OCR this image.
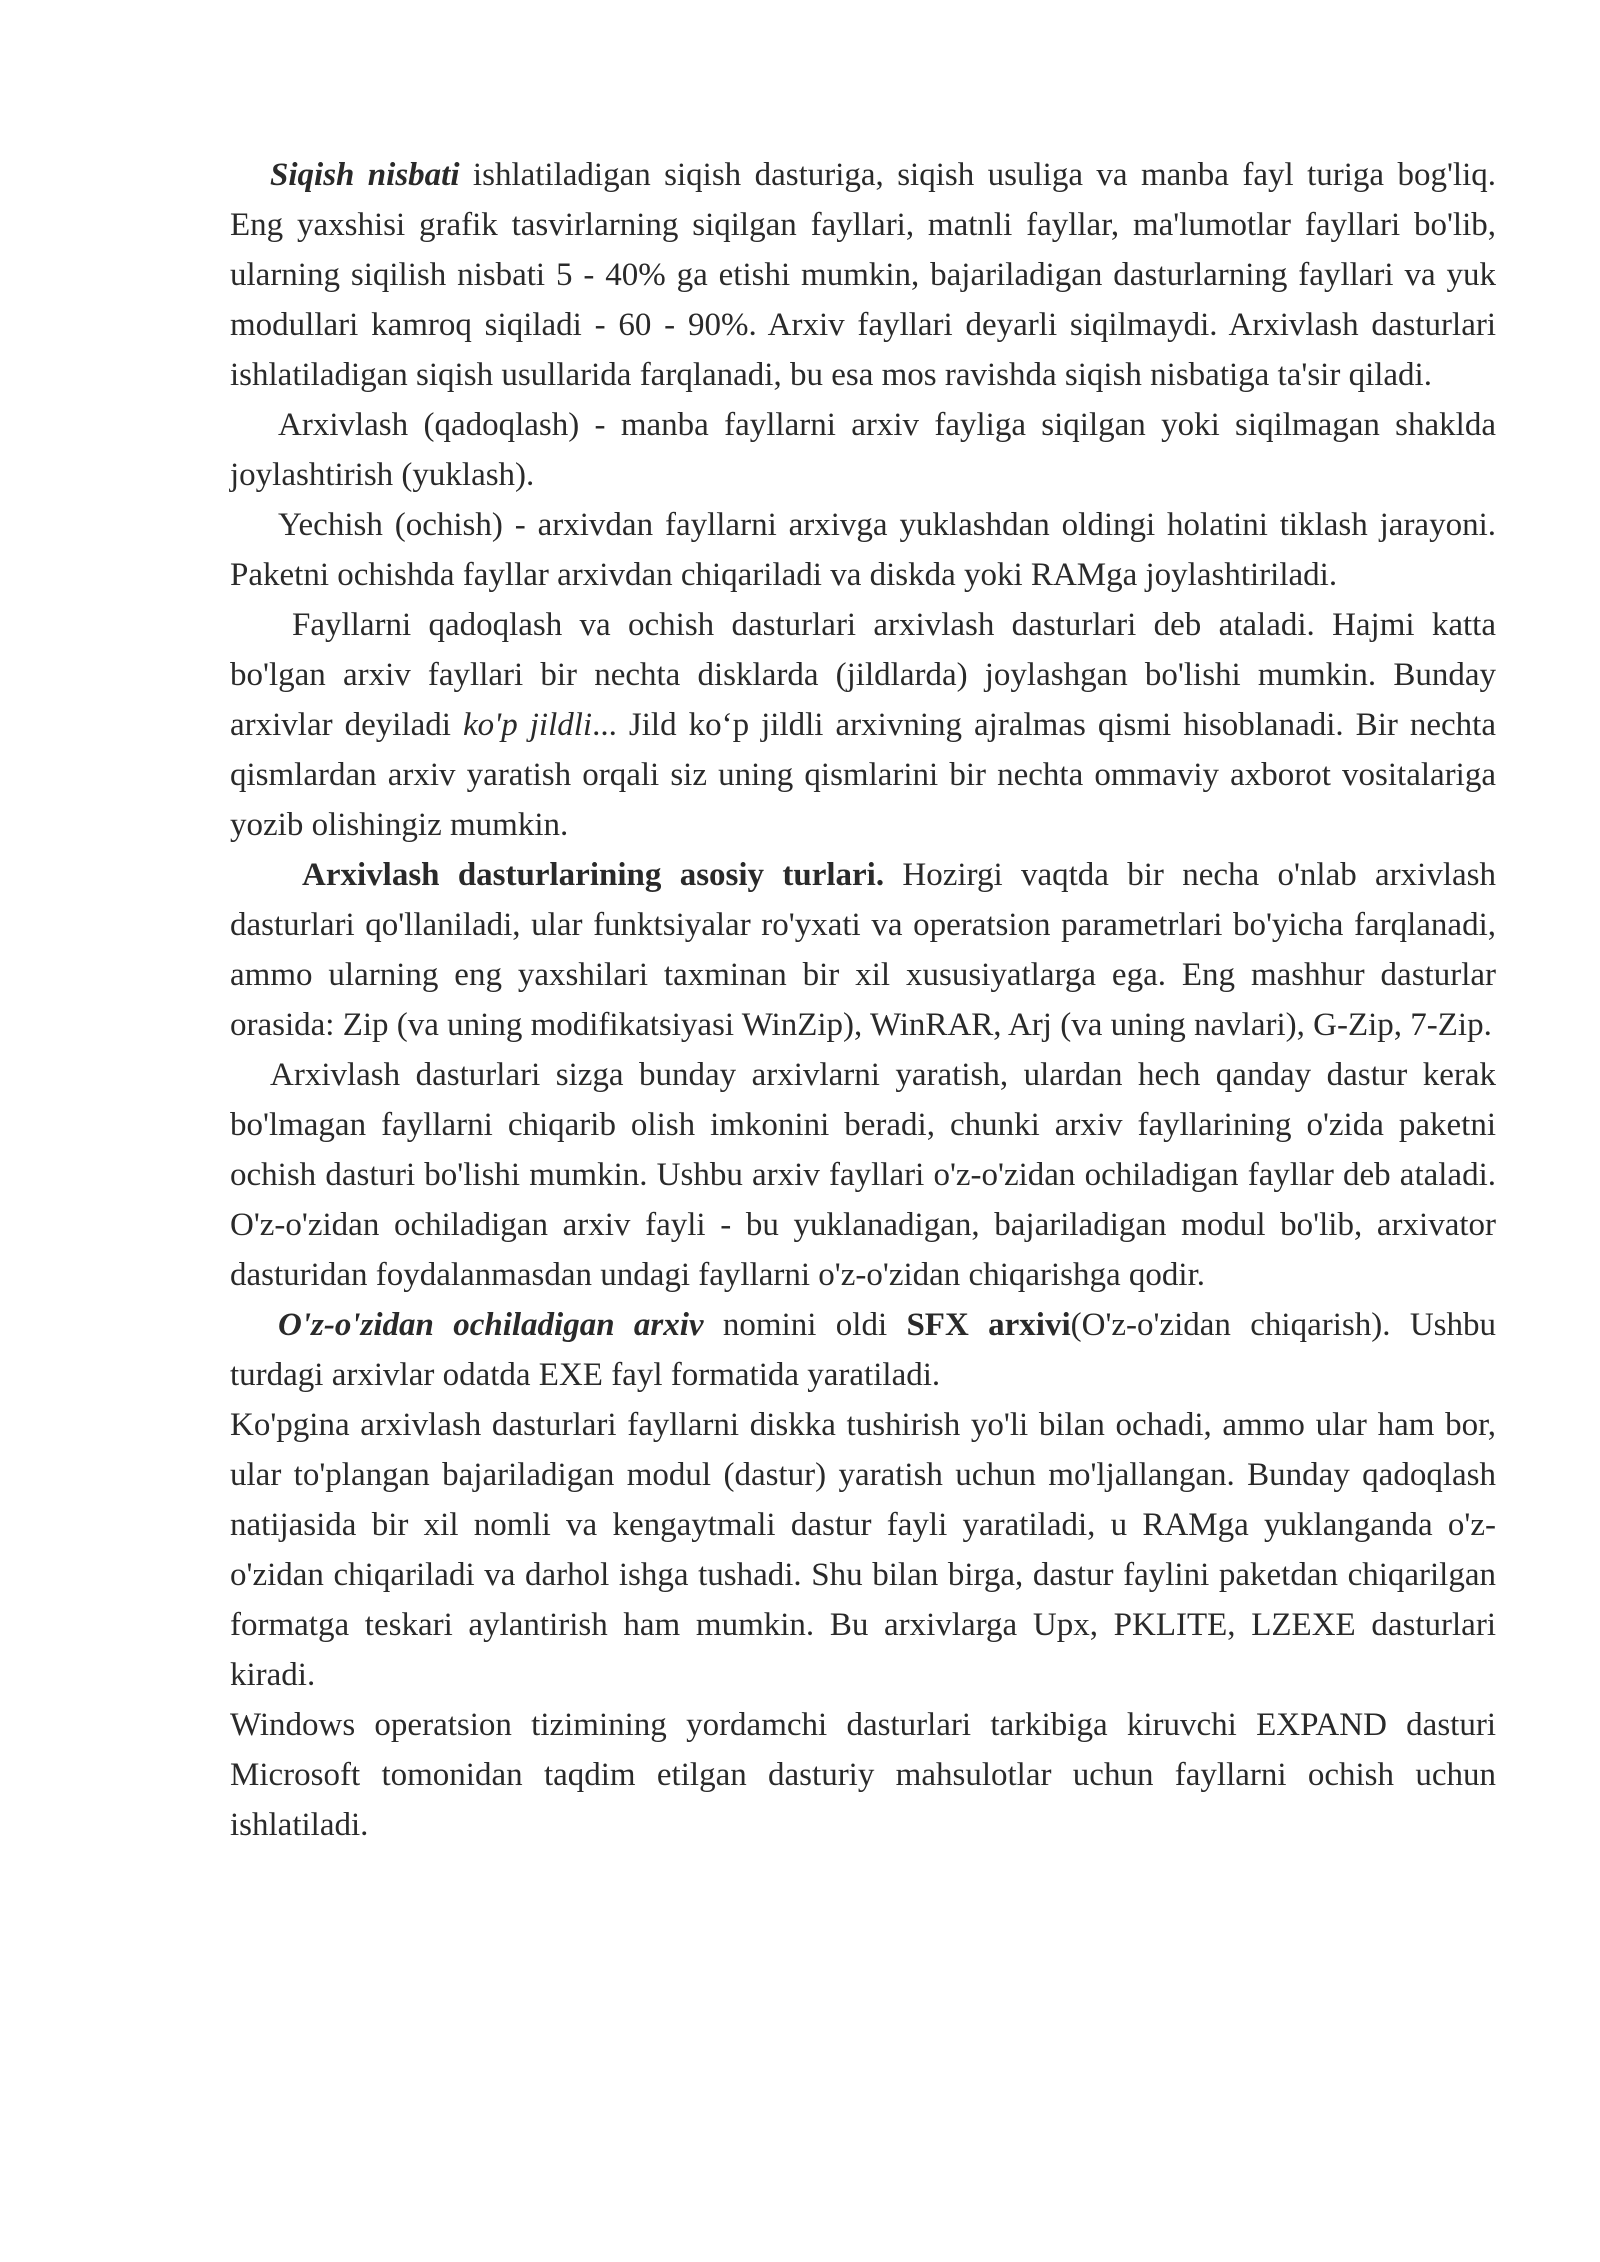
Siqish nisbati ishlatiladigan siqish dasturiga, siqish usuliga va manba fayl turiga bog'liq. Eng yaxshisi grafik tasvirlarning siqilgan fayllari, matnli fayllar, ma'lumotlar fayllari bo'lib, ularning siqilish nisbati 5 - 40% ga etishi mumkin, bajariladigan dasturlarning fayllari va yuk modullari kamroq siqiladi - 60 - 90%. Arxiv fayllari deyarli siqilmaydi. Arxivlash dasturlari ishlatiladigan siqish usullarida farqlanadi, bu esa mos ravishda siqish nisbatiga ta'sir qiladi.

Arxivlash (qadoqlash) - manba fayllarni arxiv fayliga siqilgan yoki siqilmagan shaklda joylashtirish (yuklash).

Yechish (ochish) - arxivdan fayllarni arxivga yuklashdan oldingi holatini tiklash jarayoni. Paketni ochishda fayllar arxivdan chiqariladi va diskda yoki RAMga joylashtiriladi.

Fayllarni qadoqlash va ochish dasturlari arxivlash dasturlari deb ataladi. Hajmi katta bo'lgan arxiv fayllari bir nechta disklarda (jildlarda) joylashgan bo'lishi mumkin. Bunday arxivlar deyiladi ko'p jildli... Jild ko‘p jildli arxivning ajralmas qismi hisoblanadi. Bir nechta qismlardan arxiv yaratish orqali siz uning qismlarini bir nechta ommaviy axborot vositalariga yozib olishingiz mumkin.

Arxivlash dasturlarining asosiy turlari. Hozirgi vaqtda bir necha o'nlab arxivlash dasturlari qo'llaniladi, ular funktsiyalar ro'yxati va operatsion parametrlari bo'yicha farqlanadi, ammo ularning eng yaxshilari taxminan bir xil xususiyatlarga ega. Eng mashhur dasturlar orasida: Zip (va uning modifikatsiyasi WinZip), WinRAR, Arj (va uning navlari), G-Zip, 7-Zip.

Arxivlash dasturlari sizga bunday arxivlarni yaratish, ulardan hech qanday dastur kerak bo'lmagan fayllarni chiqarib olish imkonini beradi, chunki arxiv fayllarining o'zida paketni ochish dasturi bo'lishi mumkin. Ushbu arxiv fayllari o'z-o'zidan ochiladigan fayllar deb ataladi. O'z-o'zidan ochiladigan arxiv fayli - bu yuklanadigan, bajariladigan modul bo'lib, arxivator dasturidan foydalanmasdan undagi fayllarni o'z-o'zidan chiqarishga qodir.

O'z-o'zidan ochiladigan arxiv nomini oldi SFX arxivi(O'z-o'zidan chiqarish). Ushbu turdagi arxivlar odatda EXE fayl formatida yaratiladi.

Ko'pgina arxivlash dasturlari fayllarni diskka tushirish yo'li bilan ochadi, ammo ular ham bor, ular to'plangan bajariladigan modul (dastur) yaratish uchun mo'ljallangan. Bunday qadoqlash natijasida bir xil nomli va kengaytmali dastur fayli yaratiladi, u RAMga yuklanganda o'z-o'zidan chiqariladi va darhol ishga tushadi. Shu bilan birga, dastur faylini paketdan chiqarilgan formatga teskari aylantirish ham mumkin. Bu arxivlarga Upx, PKLITE, LZEXE dasturlari kiradi.

Windows operatsion tizimining yordamchi dasturlari tarkibiga kiruvchi EXPAND dasturi Microsoft tomonidan taqdim etilgan dasturiy mahsulotlar uchun fayllarni ochish uchun ishlatiladi.
